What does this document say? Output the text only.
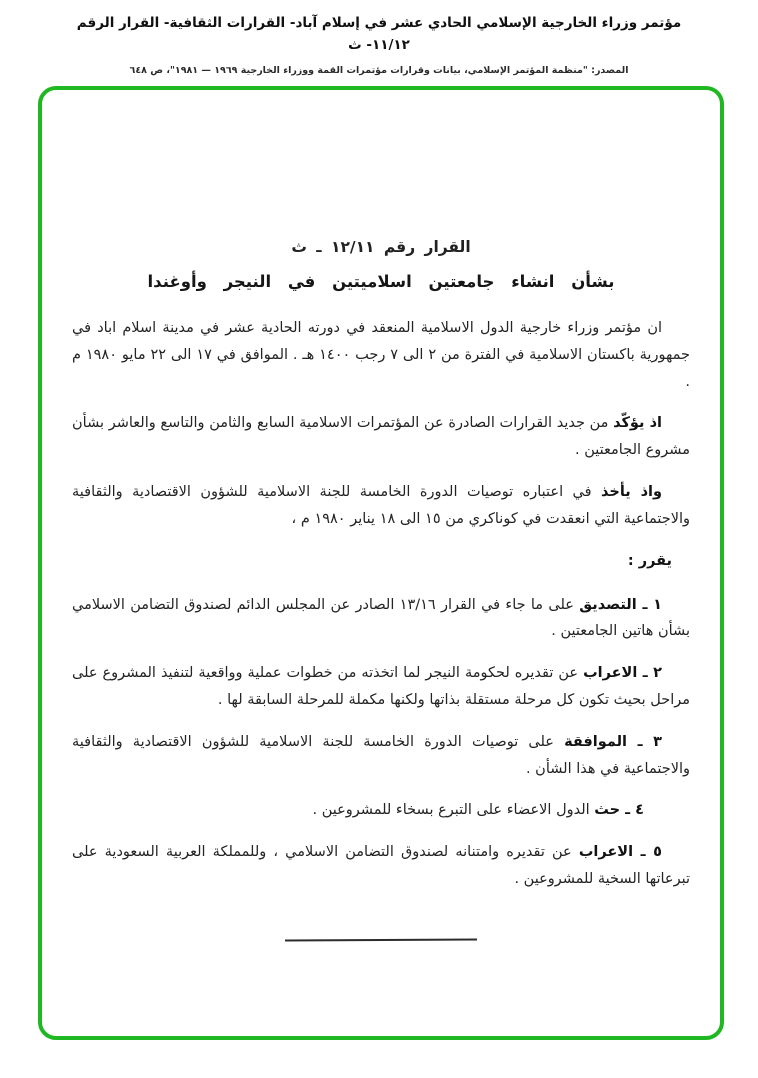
مؤتمر وزراء الخارجية الإسلامي الحادي عشر في إسلام آباد- القرارات الثقافية- القرار الرقم ١١/١٢- ث
المصدر: "منظمة المؤتمر الإسلامي، بيانات وقرارات مؤتمرات القمة ووزراء الخارجية ١٩٦٩ — ١٩٨١"، ص ٦٤٨
القرار رقم ١٢/١١ ـ ث
بشأن انشاء جامعتين اسلاميتين في النيجر وأوغندا

ان مؤتمر وزراء خارجية الدول الاسلامية المنعقد في دورته الحادية عشر في مدينة اسلام اباد في جمهورية باكستان الاسلامية في الفترة من ٢ الى ٧ رجب ١٤٠٠ هـ . الموافق في ١٧ الى ٢٢ مايو ١٩٨٠ م .

اذ يؤكّد من جديد القرارات الصادرة عن المؤتمرات الاسلامية السابع والثامن والتاسع والعاشر بشأن مشروع الجامعتين .

واذ يأخذ في اعتباره توصيات الدورة الخامسة للجنة الاسلامية للشؤون الاقتصادية والثقافية والاجتماعية التي انعقدت في كوناكري من ١٥ الى ١٨ يناير ١٩٨٠ م ،

يقرر :

١ ـ التصديق على ما جاء في القرار ١٣/١٦ الصادر عن المجلس الدائم لصندوق التضامن الاسلامي بشأن هاتين الجامعتين .

٢ ـ الاعراب عن تقديره لحكومة النيجر لما اتخذته من خطوات عملية وواقعية لتنفيذ المشروع على مراحل بحيث تكون كل مرحلة مستقلة بذاتها ولكنها مكملة للمرحلة السابقة لها .

٣ ـ الموافقة على توصيات الدورة الخامسة للجنة الاسلامية للشؤون الاقتصادية والثقافية والاجتماعية في هذا الشأن .

٤ ـ حث الدول الاعضاء على التبرع بسخاء للمشروعين .

٥ ـ الاعراب عن تقديره وامتنانه لصندوق التضامن الاسلامي ، وللمملكة العربية السعودية على تبرعاتها السخية للمشروعين .
